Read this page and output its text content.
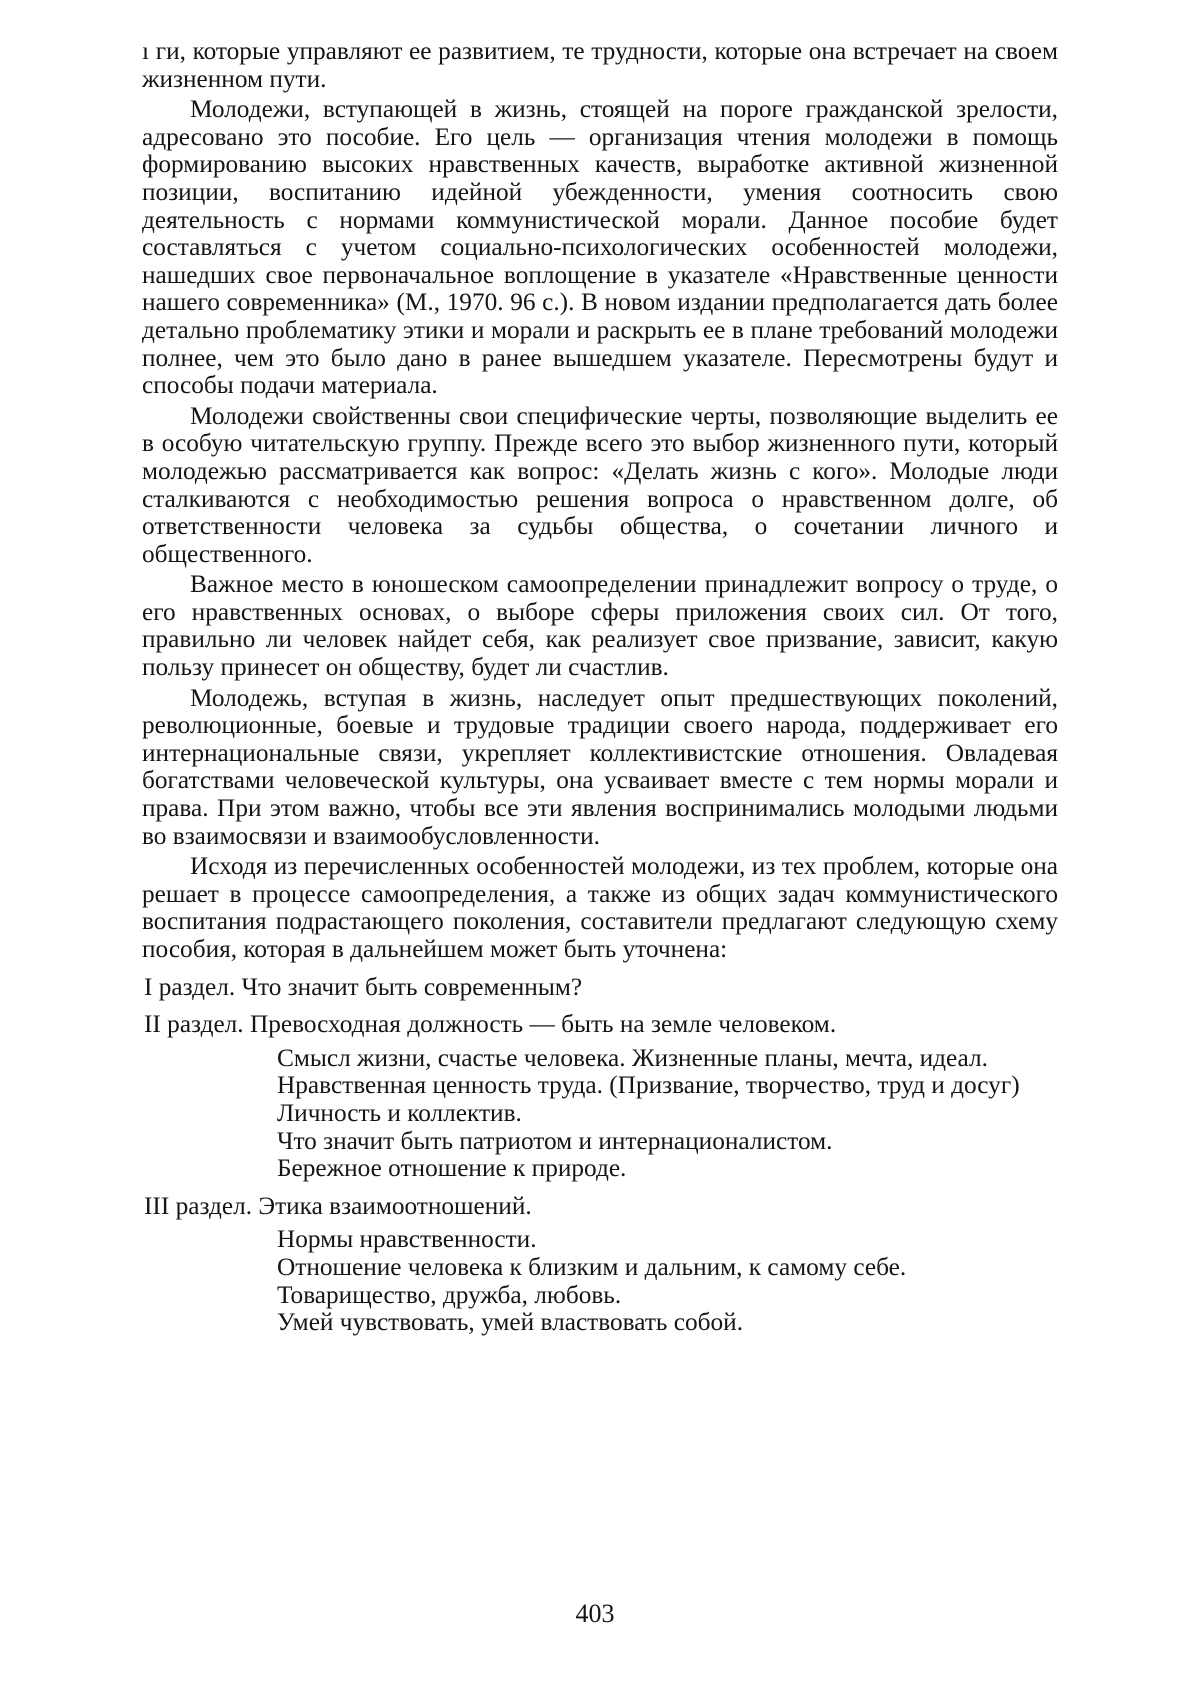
ı ги, которые управляют ее развитием, те трудности, которые она встречает на своем жизненном пути.

Молодежи, вступающей в жизнь, стоящей на пороге гражданской зрелости, адресовано это пособие. Его цель — организация чтения молодежи в помощь формированию высоких нравственных качеств, выработке активной жизненной позиции, воспитанию идейной убежденности, умения соотносить свою деятельность с нормами коммунистической морали. Данное пособие будет составляться с учетом социально-психологических особенностей молодежи, нашедших свое первоначальное воплощение в указателе «Нравственные ценности нашего современника» (М., 1970. 96 с.). В новом издании предполагается дать более детально проблематику этики и морали и раскрыть ее в плане требований молодежи полнее, чем это было дано в ранее вышедшем указателе. Пересмотрены будут и способы подачи материала.

Молодежи свойственны свои специфические черты, позволяющие выделить ее в особую читательскую группу. Прежде всего это выбор жизненного пути, который молодежью рассматривается как вопрос: «Делать жизнь с кого». Молодые люди сталкиваются с необходимостью решения вопроса о нравственном долге, об ответственности человека за судьбы общества, о сочетании личного и общественного.

Важное место в юношеском самоопределении принадлежит вопросу о труде, о его нравственных основах, о выборе сферы приложения своих сил. От того, правильно ли человек найдет себя, как реализует свое призвание, зависит, какую пользу принесет он обществу, будет ли счастлив.

Молодежь, вступая в жизнь, наследует опыт предшествующих поколений, революционные, боевые и трудовые традиции своего народа, поддерживает его интернациональные связи, укрепляет коллективистские отношения. Овладевая богатствами человеческой культуры, она усваивает вместе с тем нормы морали и права. При этом важно, чтобы все эти явления воспринимались молодыми людьми во взаимосвязи и взаимообусловленности.

Исходя из перечисленных особенностей молодежи, из тех проблем, которые она решает в процессе самоопределения, а также из общих задач коммунистического воспитания подрастающего поколения, составители предлагают следующую схему пособия, которая в дальнейшем может быть уточнена:

I раздел. Что значит быть современным?

II раздел. Превосходная должность — быть на земле человеком.

Смысл жизни, счастье человека. Жизненные планы, мечта, идеал.

Нравственная ценность труда. (Призвание, творчество, труд и досуг)

Личность и коллектив.

Что значит быть патриотом и интернационалистом.

Бережное отношение к природе.

III раздел. Этика взаимоотношений.

Нормы нравственности.

Отношение человека к близким и дальним, к самому себе.

Товарищество, дружба, любовь.

Умей чувствовать, умей властвовать собой.

403
